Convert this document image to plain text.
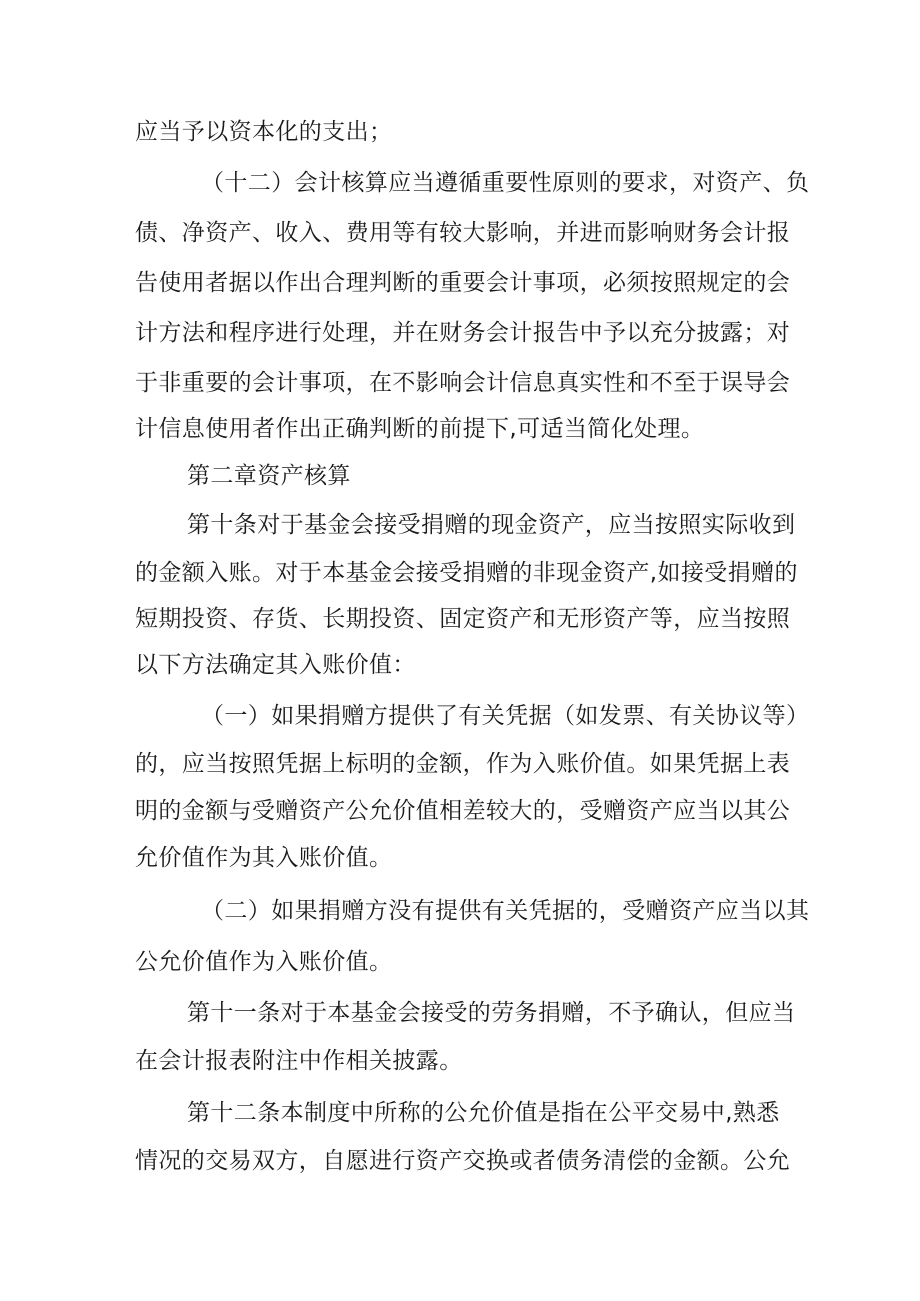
应当予以资本化的支出；
（十二）会计核算应当遵循重要性原则的要求，对资产、负
债、净资产、收入、费用等有较大影响，并进而影响财务会计报
告使用者据以作出合理判断的重要会计事项，必须按照规定的会
计方法和程序进行处理，并在财务会计报告中予以充分披露；对
于非重要的会计事项，在不影响会计信息真实性和不至于误导会
计信息使用者作出正确判断的前提下,可适当简化处理。
第二章资产核算
第十条对于基金会接受捐赠的现金资产，应当按照实际收到
的金额入账。对于本基金会接受捐赠的非现金资产,如接受捐赠的
短期投资、存货、长期投资、固定资产和无形资产等，应当按照
以下方法确定其入账价值：
（一）如果捐赠方提供了有关凭据（如发票、有关协议等）
的，应当按照凭据上标明的金额，作为入账价值。如果凭据上表
明的金额与受赠资产公允价值相差较大的，受赠资产应当以其公
允价值作为其入账价值。
（二）如果捐赠方没有提供有关凭据的，受赠资产应当以其
公允价值作为入账价值。
第十一条对于本基金会接受的劳务捐赠，不予确认，但应当
在会计报表附注中作相关披露。
第十二条本制度中所称的公允价值是指在公平交易中,熟悉
情况的交易双方，自愿进行资产交换或者债务清偿的金额。公允
